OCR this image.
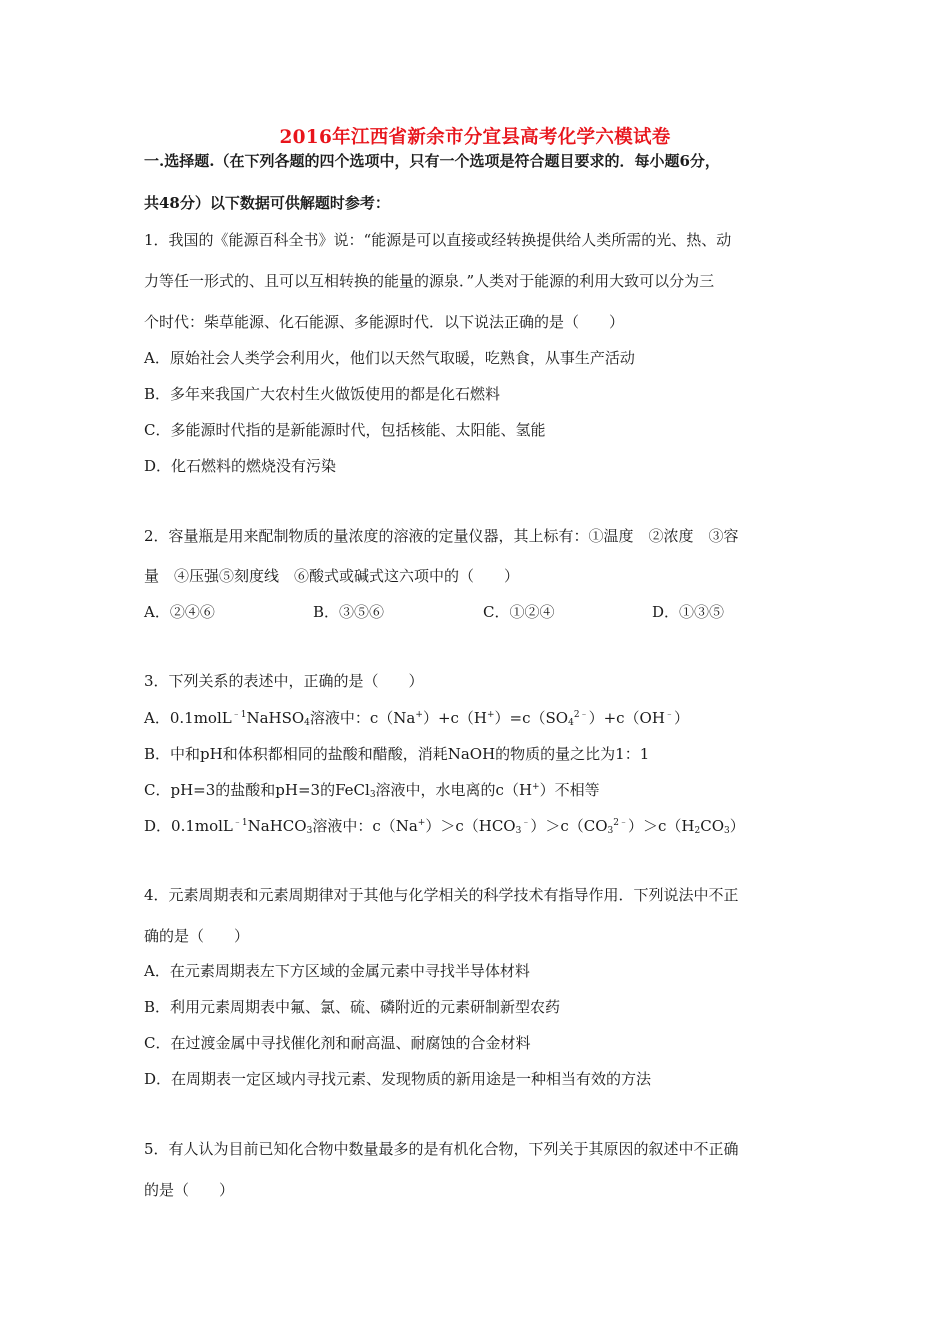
2016年江西省新余市分宜县高考化学六模试卷
一.选择题.（在下列各题的四个选项中，只有一个选项是符合题目要求的．每小题6分，
共48分）以下数据可供解题时参考：
1．我国的《能源百科全书》说：“能源是可以直接或经转换提供给人类所需的光、热、动
力等任一形式的、且可以互相转换的能量的源泉．”人类对于能源的利用大致可以分为三
个时代：柴草能源、化石能源、多能源时代．以下说法正确的是（　　）
A．原始社会人类学会利用火，他们以天然气取暖，吃熟食，从事生产活动
B．多年来我国广大农村生火做饭使用的都是化石燃料
C．多能源时代指的是新能源时代，包括核能、太阳能、氢能
D．化石燃料的燃烧没有污染
2．容量瓶是用来配制物质的量浓度的溶液的定量仪器，其上标有：①温度　②浓度　③容
量　④压强⑤刻度线　⑥酸式或碱式这六项中的（　　）
A．②④⑥	B．③⑤⑥	C．①②④	D．①③⑤
3．下列关系的表述中，正确的是（　　）
A．0.1molL$^{﹣1}$NaHSO$_4$溶液中：$c(Na^+)+c(H^+)=c(SO_4^{2﹣})+c(OH^﹣)$
B．中和pH和体积都相同的盐酸和醋酸，消耗NaOH的物质的量之比为1：1
C．pH=3的盐酸和pH=3的FeCl$_3$溶液中，水电离的c（H+）不相等
D．0.1molL$^{﹣1}$NaHCO$_3$溶液中：$c(Na^+)>c(HCO_3^﹣)>c(CO_3^{2﹣})>c(H_2CO_3)$
4．元素周期表和元素周期律对于其他与化学相关的科学技术有指导作用．下列说法中不正
确的是（　　）
A．在元素周期表左下方区域的金属元素中寻找半导体材料
B．利用元素周期表中氟、氯、硫、磷附近的元素研制新型农药
C．在过渡金属中寻找催化剂和耐高温、耐腐蚀的合金材料
D．在周期表一定区域内寻找元素、发现物质的新用途是一种相当有效的方法
5．有人认为目前已知化合物中数量最多的是有机化合物，下列关于其原因的叙述中不正确
的是（　　）
